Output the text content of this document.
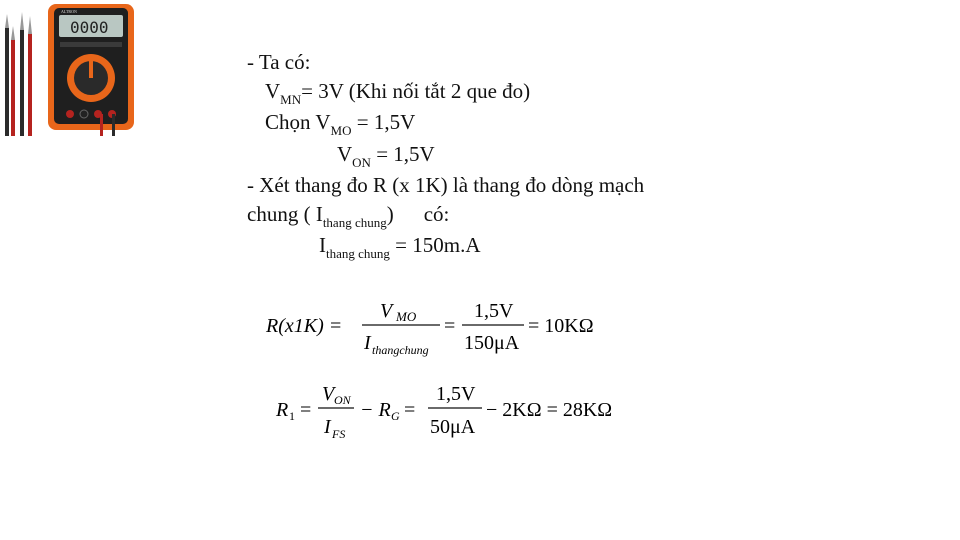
ALTRON
0000
- Ta có:
$V_{MN}= 3V$ (Khi nối tắt 2 que đo)
Chọn $V_{MO} = 1,5V$
$V_{ON} = 1,5V$
- Xét thang đo R (x 1K) là thang đo dòng mạch
chung ( $I_{thang chung}$) có:
$I_{thang chung} = 150m.A$
R(x1K) =
V MO
I thangchung
=
1,5V
150μA
= 10KΩ
R 1 =
V ON
I FS
− R G =
1,5V
50μA
− 2KΩ = 28KΩ
